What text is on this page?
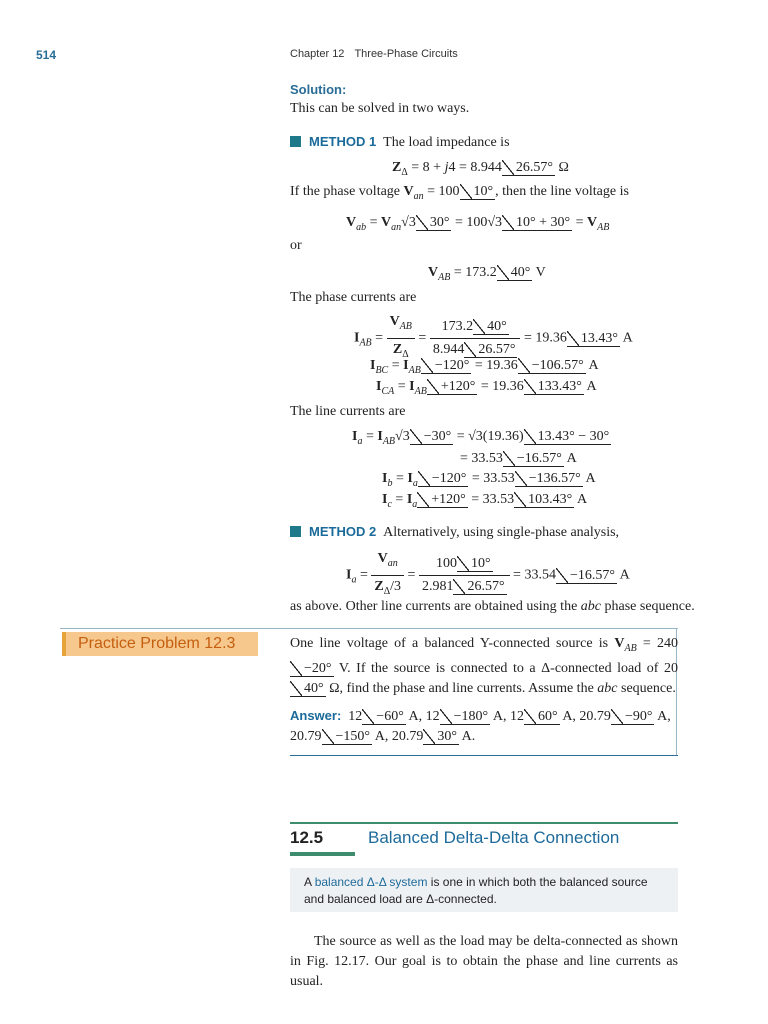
514	Chapter 12 Three-Phase Circuits
Solution:
This can be solved in two ways.
METHOD 1 The load impedance is
$Z_\Delta = 8 + j4 = 8.944$ 26.57° Ω
If the phase voltage $V_{an} = 100$ 10° , then the line voltage is
$V_{ab} = V_{an}√3$ 30° = 100√3 $10^\circ + 30^\circ = V_{AB}$
or
$V_{AB} = 173.2$ 40° V
The phase currents are
$I_{AB} = \frac{V_{AB}}{Z_\Delta} = \frac{173.2 40^\circ}{8.944 26.57^\circ} = 19.36$ 13.43° A
$I_{BC} = I_{AB} -120^\circ = 19.36 -106.57^\circ$ A
$I_{CA} = I_{AB} +120^\circ = 19.36$ 133.43° A
The line currents are
$I_a = I_{AB}√3 -30^\circ = √3(19.36) 13.43^\circ - 30^\circ$
= 33.53 −16.57° A
$I_b = I_a -120^\circ = 33.53 -136.57^\circ$ A
$I_c = I_a +120^\circ = 33.53$ 103.43° A
METHOD 2 Alternatively, using single-phase analysis,
$I_a = \frac{V_{an}}{Z_\Delta/3} = \frac{100 10^\circ}{2.981 26.57^\circ} = 33.54 -16.57^\circ$ A
as above. Other line currents are obtained using the abc phase sequence.
Practice Problem 12.3	One line voltage of a balanced Y-connected source is $V_{AB} = 240-20^\circ$ V. If the source is connected to a Δ-connected load of 2040° Ω, find the phase and line currents. Assume the abc sequence.
Answer:  12 −60° A, 12 −180° A, 12 60° A, 20.79 −90° A, 20.79 −150° A, 20.79 30° A.
12.5	Balanced Delta-Delta Connection
A balanced Δ-Δ system is one in which both the balanced source
and balanced load are Δ-connected.
The source as well as the load may be delta-connected as shown in Fig. 12.17. Our goal is to obtain the phase and line currents as usual.
